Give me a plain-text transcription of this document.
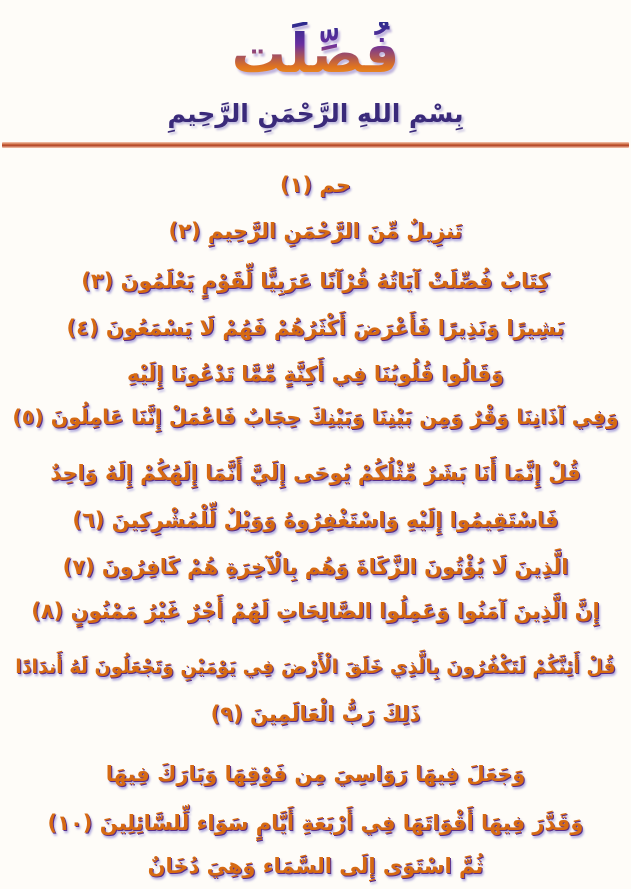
فُصِّلَت
بِسْمِ اللهِ الرَّحْمَنِ الرَّحِيمِ
حم (١)
تَنزِيلٌ مِّنَ الرَّحْمَنِ الرَّحِيمِ (٢)
كِتَابٌ فُصِّلَتْ آيَاتُهُ قُرْآنًا عَرَبِيًّا لِّقَوْمٍ يَعْلَمُونَ (٣)
بَشِيرًا وَنَذِيرًا فَأَعْرَضَ أَكْثَرُهُمْ فَهُمْ لَا يَسْمَعُونَ (٤)
وَقَالُوا قُلُوبُنَا فِي أَكِنَّةٍ مِّمَّا تَدْعُونَا إِلَيْهِ
وَفِي آذَانِنَا وَقْرٌ وَمِن بَيْنِنَا وَبَيْنِكَ حِجَابٌ فَاعْمَلْ إِنَّنَا عَامِلُونَ (٥)
قُلْ إِنَّمَا أَنَا بَشَرٌ مِّثْلُكُمْ يُوحَى إِلَيَّ أَنَّمَا إِلَهُكُمْ إِلَهٌ وَاحِدٌ
فَاسْتَقِيمُوا إِلَيْهِ وَاسْتَغْفِرُوهُ وَوَيْلٌ لِّلْمُشْرِكِينَ (٦)
الَّذِينَ لَا يُؤْتُونَ الزَّكَاةَ وَهُم بِالْآخِرَةِ هُمْ كَافِرُونَ (٧)
إِنَّ الَّذِينَ آمَنُوا وَعَمِلُوا الصَّالِحَاتِ لَهُمْ أَجْرٌ غَيْرُ مَمْنُونٍ (٨)
قُلْ أَئِنَّكُمْ لَتَكْفُرُونَ بِالَّذِي خَلَقَ الْأَرْضَ فِي يَوْمَيْنِ وَتَجْعَلُونَ لَهُ أَندَادًا
ذَلِكَ رَبُّ الْعَالَمِينَ (٩)
وَجَعَلَ فِيهَا رَوَاسِيَ مِن فَوْقِهَا وَبَارَكَ فِيهَا
وَقَدَّرَ فِيهَا أَقْوَاتَهَا فِي أَرْبَعَةِ أَيَّامٍ سَوَاء لِّلسَّائِلِينَ (١٠)
ثُمَّ اسْتَوَى إِلَى السَّمَاء وَهِيَ دُخَانٌ
